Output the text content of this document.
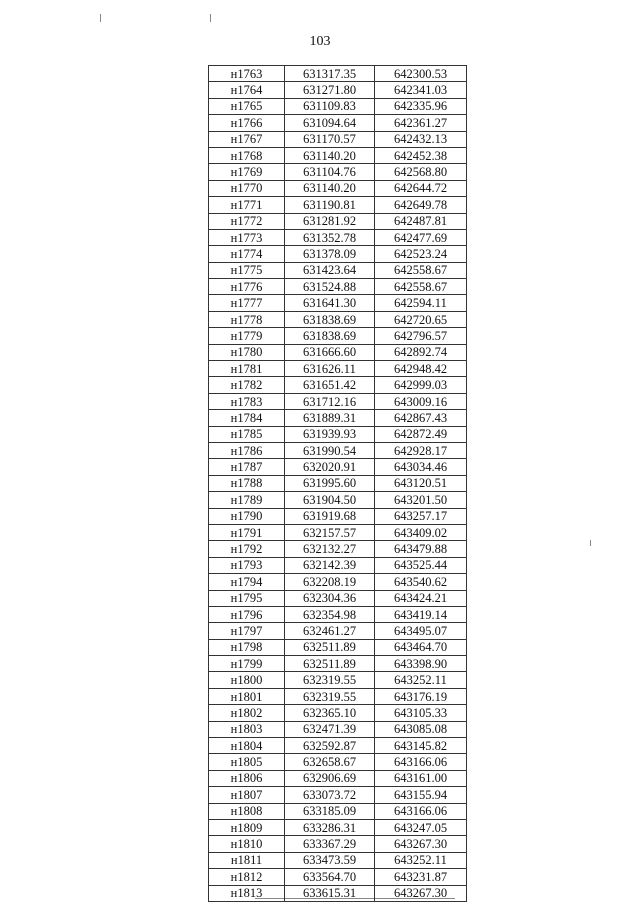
103
н1763	631317.35	642300.53
н1764	631271.80	642341.03
н1765	631109.83	642335.96
н1766	631094.64	642361.27
н1767	631170.57	642432.13
н1768	631140.20	642452.38
н1769	631104.76	642568.80
н1770	631140.20	642644.72
н1771	631190.81	642649.78
н1772	631281.92	642487.81
н1773	631352.78	642477.69
н1774	631378.09	642523.24
н1775	631423.64	642558.67
н1776	631524.88	642558.67
н1777	631641.30	642594.11
н1778	631838.69	642720.65
н1779	631838.69	642796.57
н1780	631666.60	642892.74
н1781	631626.11	642948.42
н1782	631651.42	642999.03
н1783	631712.16	643009.16
н1784	631889.31	642867.43
н1785	631939.93	642872.49
н1786	631990.54	642928.17
н1787	632020.91	643034.46
н1788	631995.60	643120.51
н1789	631904.50	643201.50
н1790	631919.68	643257.17
н1791	632157.57	643409.02
н1792	632132.27	643479.88
н1793	632142.39	643525.44
н1794	632208.19	643540.62
н1795	632304.36	643424.21
н1796	632354.98	643419.14
н1797	632461.27	643495.07
н1798	632511.89	643464.70
н1799	632511.89	643398.90
н1800	632319.55	643252.11
н1801	632319.55	643176.19
н1802	632365.10	643105.33
н1803	632471.39	643085.08
н1804	632592.87	643145.82
н1805	632658.67	643166.06
н1806	632906.69	643161.00
н1807	633073.72	643155.94
н1808	633185.09	643166.06
н1809	633286.31	643247.05
н1810	633367.29	643267.30
н1811	633473.59	643252.11
н1812	633564.70	643231.87
н1813	633615.31	643267.30
